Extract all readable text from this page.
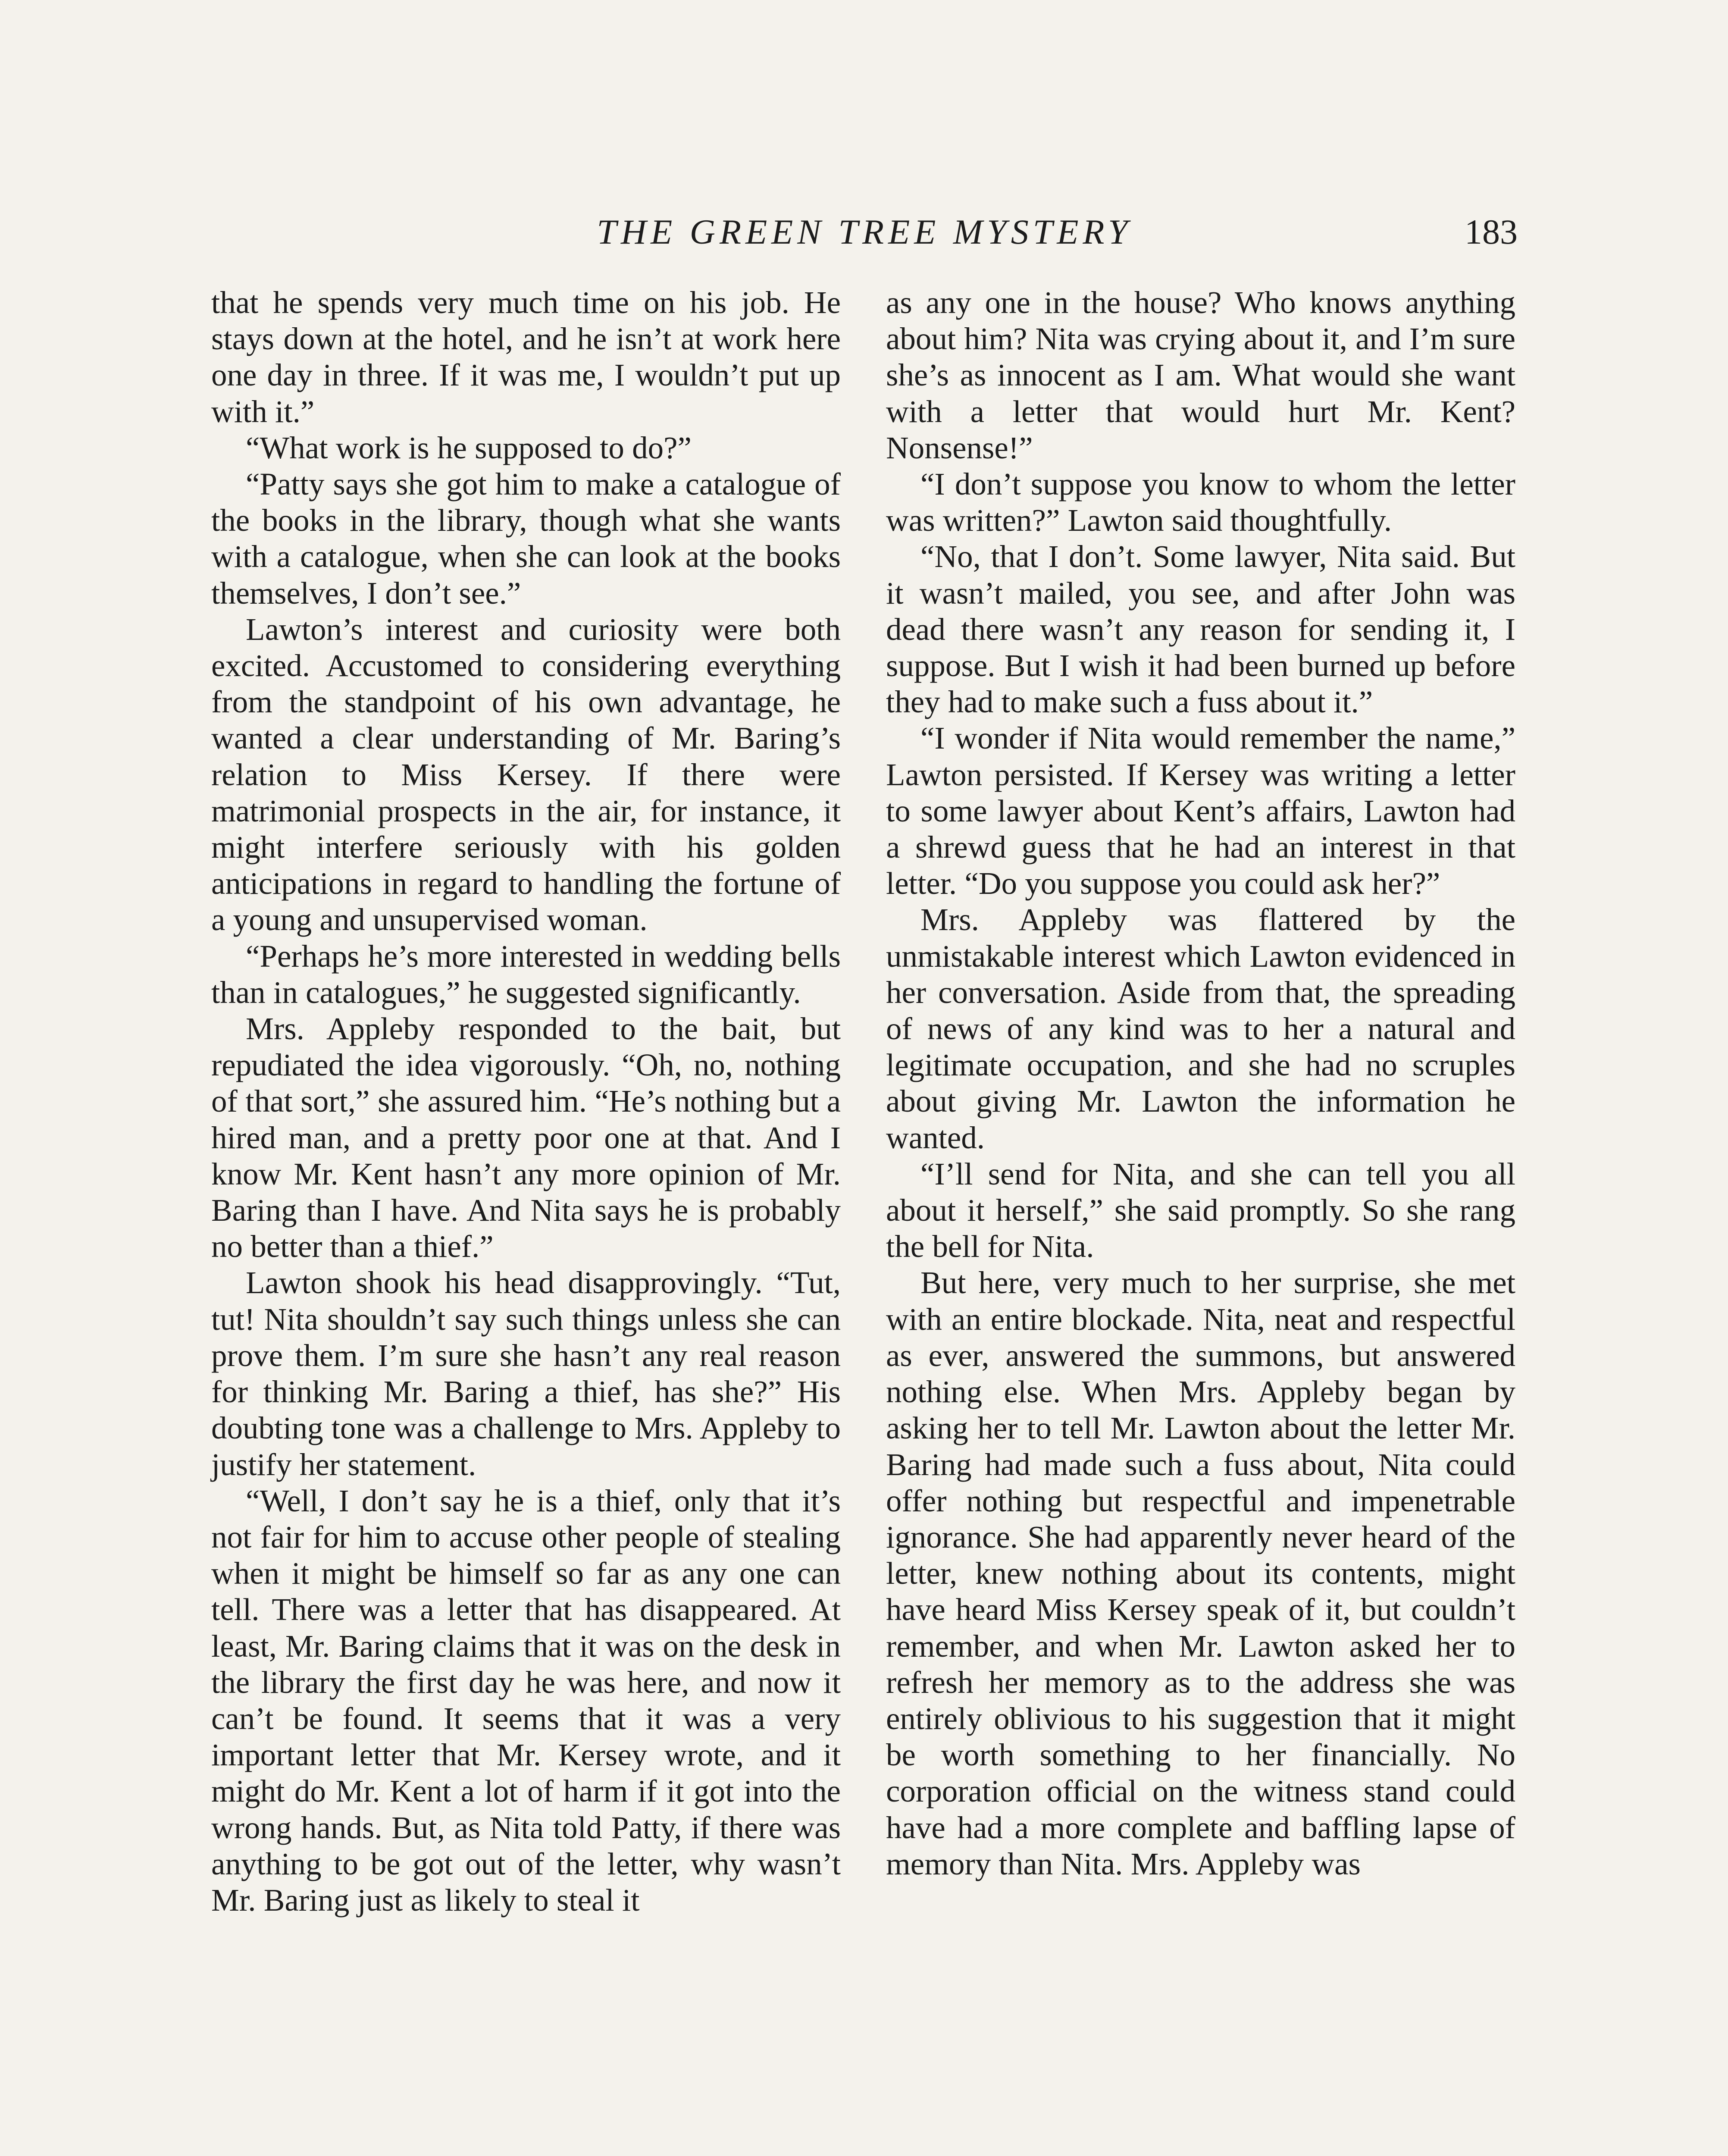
THE GREEN TREE MYSTERY	183

that he spends very much time on his job. He stays down at the hotel, and he isn’t at work here one day in three. If it was me, I wouldn’t put up with it.”

“What work is he supposed to do?”

“Patty says she got him to make a catalogue of the books in the library, though what she wants with a catalogue, when she can look at the books themselves, I don’t see.”

Lawton’s interest and curiosity were both excited. Accustomed to considering everything from the standpoint of his own advantage, he wanted a clear understanding of Mr. Baring’s relation to Miss Kersey. If there were matrimonial prospects in the air, for instance, it might interfere seriously with his golden anticipations in regard to handling the fortune of a young and unsupervised woman.

“Perhaps he’s more interested in wedding bells than in catalogues,” he suggested significantly.

Mrs. Appleby responded to the bait, but repudiated the idea vigorously. “Oh, no, nothing of that sort,” she assured him. “He’s nothing but a hired man, and a pretty poor one at that. And I know Mr. Kent hasn’t any more opinion of Mr. Baring than I have. And Nita says he is probably no better than a thief.”

Lawton shook his head disapprovingly. “Tut, tut! Nita shouldn’t say such things unless she can prove them. I’m sure she hasn’t any real reason for thinking Mr. Baring a thief, has she?” His doubting tone was a challenge to Mrs. Appleby to justify her statement.

“Well, I don’t say he is a thief, only that it’s not fair for him to accuse other people of stealing when it might be himself so far as any one can tell. There was a letter that has disappeared. At least, Mr. Baring claims that it was on the desk in the library the first day he was here, and now it can’t be found. It seems that it was a very important letter that Mr. Kersey wrote, and it might do Mr. Kent a lot of harm if it got into the wrong hands. But, as Nita told Patty, if there was anything to be got out of the letter, why wasn’t Mr. Baring just as likely to steal it

as any one in the house? Who knows anything about him? Nita was crying about it, and I’m sure she’s as innocent as I am. What would she want with a letter that would hurt Mr. Kent? Nonsense!”

“I don’t suppose you know to whom the letter was written?” Lawton said thoughtfully.

“No, that I don’t. Some lawyer, Nita said. But it wasn’t mailed, you see, and after John was dead there wasn’t any reason for sending it, I suppose. But I wish it had been burned up before they had to make such a fuss about it.”

“I wonder if Nita would remember the name,” Lawton persisted. If Kersey was writing a letter to some lawyer about Kent’s affairs, Lawton had a shrewd guess that he had an interest in that letter. “Do you suppose you could ask her?”

Mrs. Appleby was flattered by the unmistakable interest which Lawton evidenced in her conversation. Aside from that, the spreading of news of any kind was to her a natural and legitimate occupation, and she had no scruples about giving Mr. Lawton the information he wanted.

“I’ll send for Nita, and she can tell you all about it herself,” she said promptly. So she rang the bell for Nita.

But here, very much to her surprise, she met with an entire blockade. Nita, neat and respectful as ever, answered the summons, but answered nothing else. When Mrs. Appleby began by asking her to tell Mr. Lawton about the letter Mr. Baring had made such a fuss about, Nita could offer nothing but respectful and impenetrable ignorance. She had apparently never heard of the letter, knew nothing about its contents, might have heard Miss Kersey speak of it, but couldn’t remember, and when Mr. Lawton asked her to refresh her memory as to the address she was entirely oblivious to his suggestion that it might be worth something to her financially. No corporation official on the witness stand could have had a more complete and baffling lapse of memory than Nita. Mrs. Appleby was
